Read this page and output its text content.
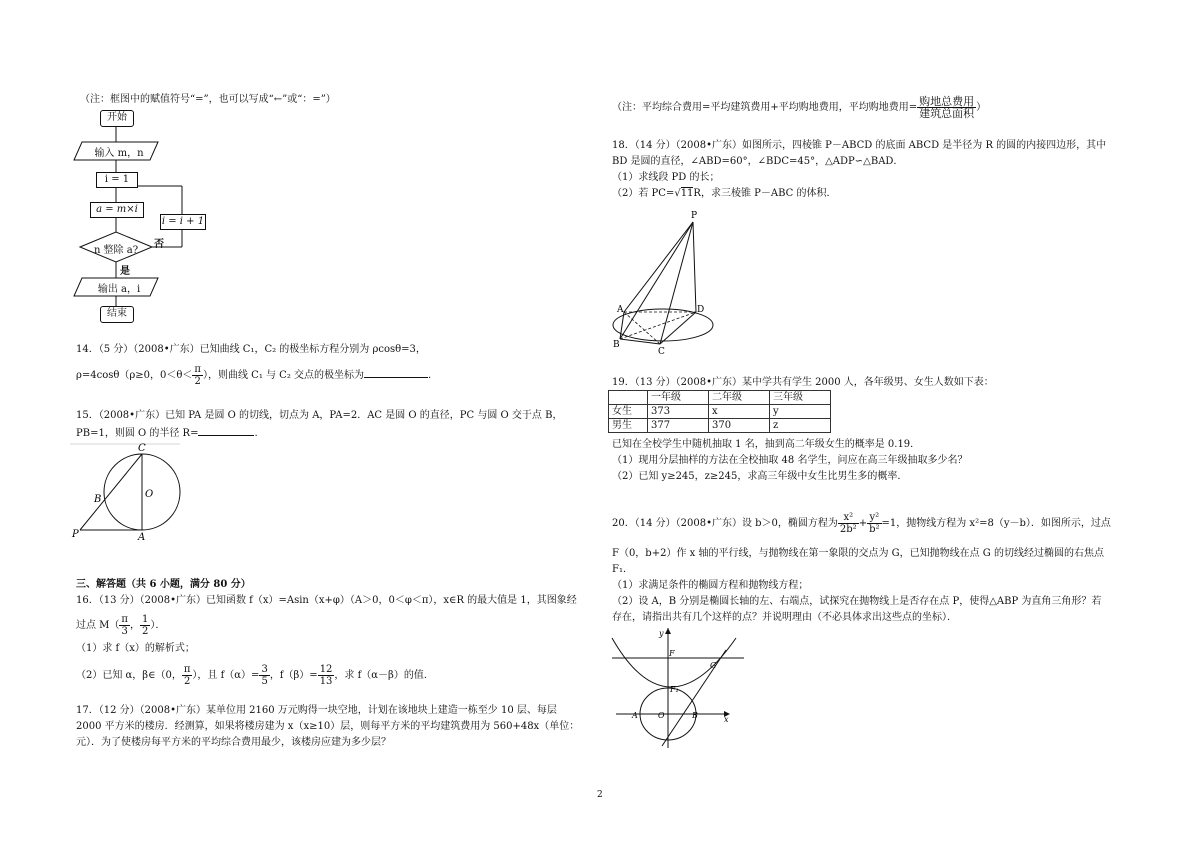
（注：框图中的赋值符号“=”，也可以写成“←”或“：=”）
开始
输入 m，n
i = 1
a = m×i
i = i + 1
n 整除 a?
否
是
输出 a，i
结束
14．（5 分）（2008•广东）已知曲线 C₁，C₂ 的极坐标方程分别为 ρcosθ=3，
ρ=4cosθ（ρ≥0，$0<\theta< \frac{\pi}{2}$ ），则曲线 C₁ 与 C₂ 交点的极坐标为	.
15．（2008•广东）已知 PA 是圆 O 的切线，切点为 A，PA=2．AC 是圆 O 的直径，PC 与圆 O 交于点 B，
PB=1，则圆 O 的半径 R=	.
C
B	O
P	A
三、解答题（共 6 小题，满分 80 分）
16．（13 分）（2008•广东）已知函数 f（x）=Asin（x+φ）（A＞0，0＜φ＜π），x∈R 的最大值是 1，其图象经
过点 $M( \frac{\pi}{3}$ ， $\frac{1}{2}$ ）．
（1）求 f（x）的解析式；
（2）已知 α，β∈（0， $\frac{\pi}{2}$ ），且 $f(\alpha)= \frac{3}{5}$ ，$f(\beta)= \frac{12}{13}$ ，求 f（α－β）的值．
17．（12 分）（2008•广东）某单位用 2160 万元购得一块空地，计划在该地块上建造一栋至少 10 层、每层
2000 平方米的楼房．经测算，如果将楼房建为 x（x≥10）层，则每平方米的平均建筑费用为 560+48x（单位：
元）．为了使楼房每平方米的平均综合费用最少，该楼房应建为多少层？
（注：平均综合费用=平均建筑费用+平均购地费用，平均购地费用= $\frac{\text{购地总费用}}{\text{建筑总面积}}$ ）
18．（14 分）（2008•广东）如图所示，四棱锥 P－ABCD 的底面 ABCD 是半径为 R 的圆的内接四边形，其中
BD 是圆的直径，∠ABD=60°，∠BDC=45°，△ADP∽△BAD．
（1）求线段 PD 的长；
（2）若 PC=√11R，求三棱锥 P－ABC 的体积．
P
A	D
B
C
19．（13 分）（2008•广东）某中学共有学生 2000 人，各年级男、女生人数如下表：
	一年级	二年级	三年级
女生	373	x	y
男生	377	370	z
已知在全校学生中随机抽取 1 名，抽到高二年级女生的概率是 0.19．
（1）现用分层抽样的方法在全校抽取 48 名学生，问应在高三年级抽取多少名？
（2）已知 y≥245，z≥245，求高三年级中女生比男生多的概率．
20．（14 分）（2008•广东）设 b＞0，椭圆方程为 $\frac{\text{x²}}{\text{2b²}} + \frac{\text{y²}}{\text{b²}} =1$，抛物线方程为 x²=8（y－b）．如图所示，过点
F（0，b+2）作 x 轴的平行线，与抛物线在第一象限的交点为 G，已知抛物线在点 G 的切线经过椭圆的右焦点
F₁．
（1）求满足条件的椭圆方程和抛物线方程；
（2）设 A，B 分别是椭圆长轴的左、右端点，试探究在抛物线上是否存在点 P，使得△ABP 为直角三角形？若
存在，请指出共有几个这样的点？并说明理由（不必具体求出这些点的坐标）．
y
F
G
F₁
A	O	B	x
2
